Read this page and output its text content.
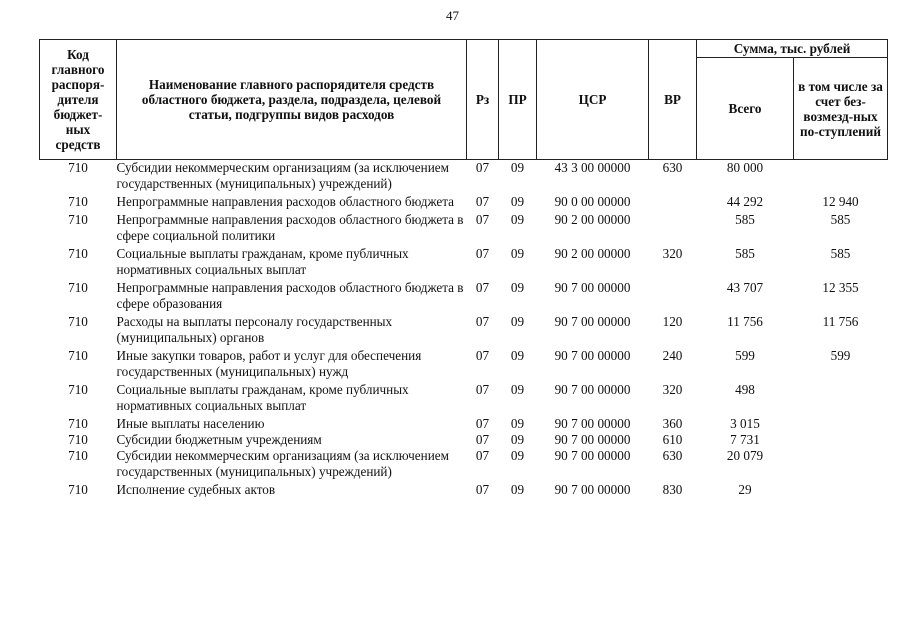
47
Код главного распоря-дителя бюджет-ных средств	Наименование главного распорядителя средств областного бюджета, раздела, подраздела, целевой статьи, подгруппы видов расходов	Рз	ПР	ЦСР	ВР	Сумма, тыс. рублей	
						Всего	в том числе за счет без-возмезд-ных по-ступлений
710	Субсидии некоммерческим организациям (за исключением государственных (муниципальных) учреждений)	07	09	43 3 00 00000	630	80 000	
710	Непрограммные направления расходов областного бюджета	07	09	90 0 00 00000		44 292	12 940
710	Непрограммные направления расходов областного бюджета в сфере социальной политики	07	09	90 2 00 00000		585	585
710	Социальные выплаты гражданам, кроме публичных нормативных социальных выплат	07	09	90 2 00 00000	320	585	585
710	Непрограммные направления расходов областного бюджета в сфере образования	07	09	90 7 00 00000		43 707	12 355
710	Расходы на выплаты персоналу государственных (муниципальных) органов	07	09	90 7 00 00000	120	11 756	11 756
710	Иные закупки товаров, работ и услуг для обеспечения государственных (муниципальных) нужд	07	09	90 7 00 00000	240	599	599
710	Социальные выплаты гражданам, кроме публичных нормативных социальных выплат	07	09	90 7 00 00000	320	498	
710	Иные выплаты населению	07	09	90 7 00 00000	360	3 015	
710	Субсидии бюджетным учреждениям	07	09	90 7 00 00000	610	7 731	
710	Субсидии некоммерческим организациям (за исключением государственных (муниципальных) учреждений)	07	09	90 7 00 00000	630	20 079	
710	Исполнение судебных актов	07	09	90 7 00 00000	830	29	
